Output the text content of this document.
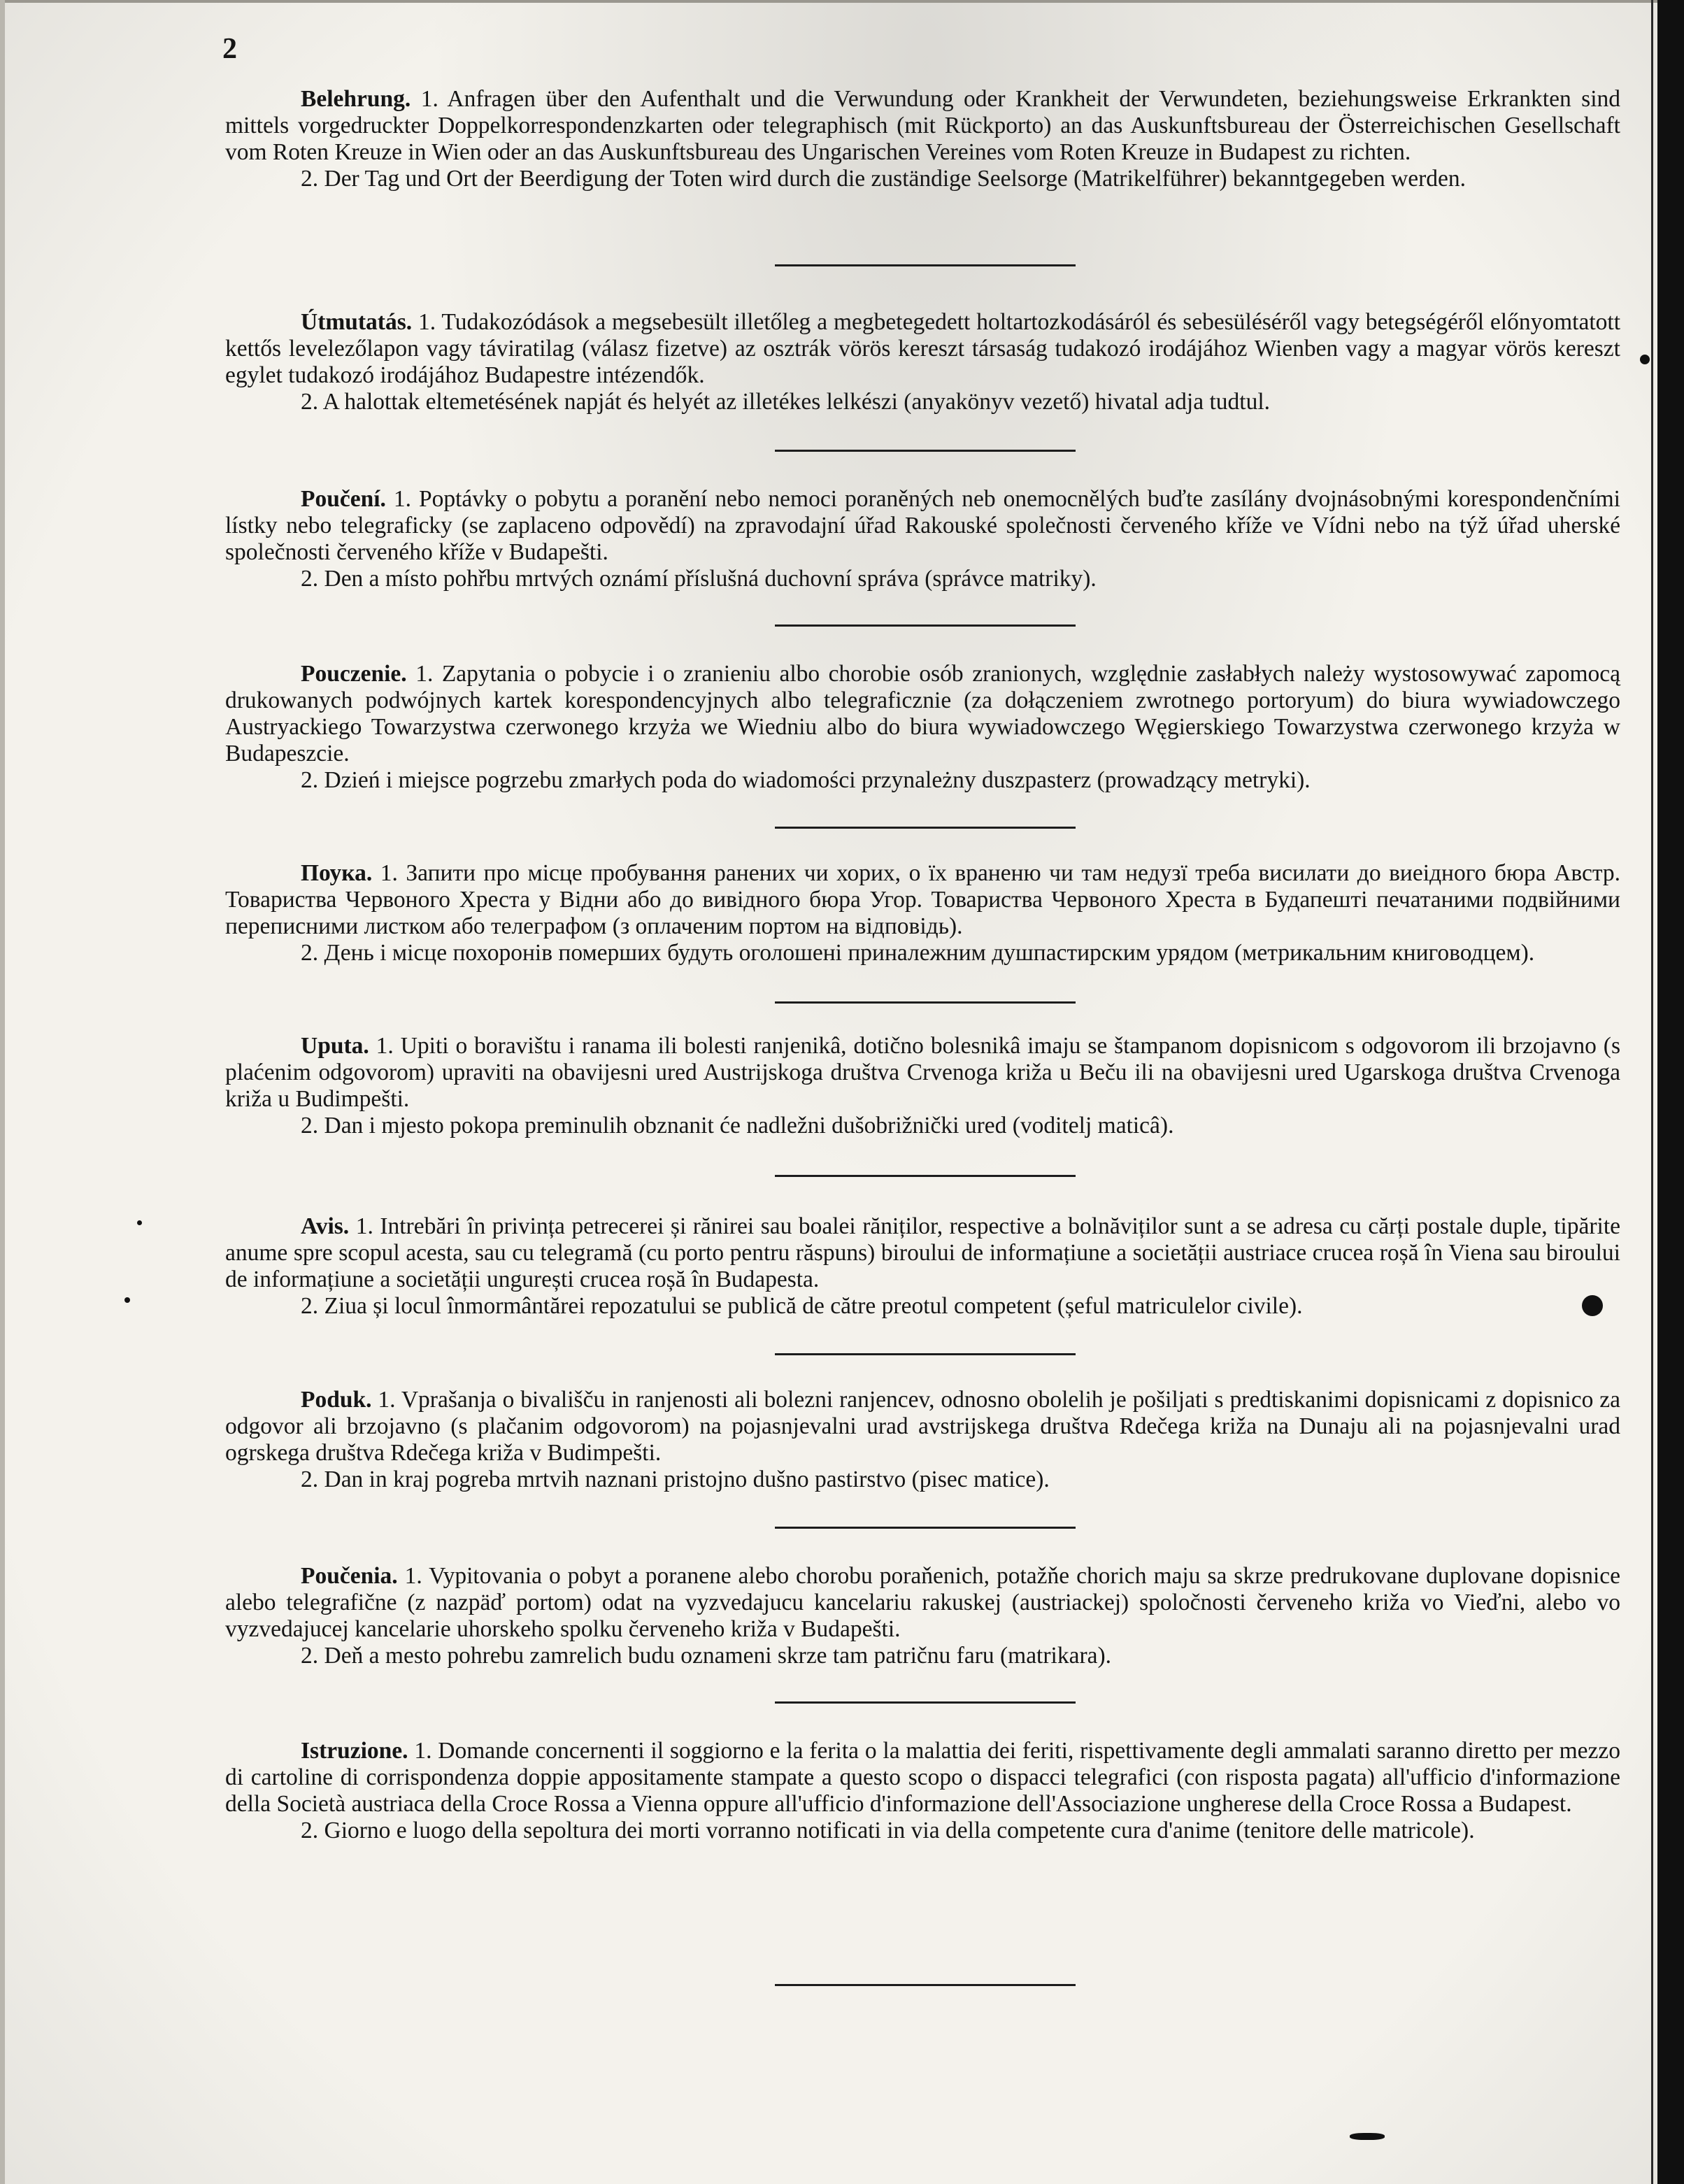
2

Belehrung. 1. Anfragen über den Aufenthalt und die Verwundung oder Krankheit der Verwundeten, beziehungsweise Erkrankten sind mittels vorgedruckter Doppelkorrespondenzkarten oder telegraphisch (mit Rückporto) an das Auskunftsbureau der Österreichischen Gesellschaft vom Roten Kreuze in Wien oder an das Auskunftsbureau des Ungarischen Vereines vom Roten Kreuze in Budapest zu richten.

2. Der Tag und Ort der Beerdigung der Toten wird durch die zuständige Seelsorge (Matrikelführer) bekanntgegeben werden.

Útmutatás. 1. Tudakozódások a megsebesült illetőleg a megbetegedett holtartozkodásáról és sebesüléséről vagy betegségéről előnyomtatott kettős levelezőlapon vagy táviratilag (válasz fizetve) az osztrák vörös kereszt társaság tudakozó irodájához Wienben vagy a magyar vörös kereszt egylet tudakozó irodájához Budapestre intézendők.

2. A halottak eltemetésének napját és helyét az illetékes lelkészi (anyakönyv vezető) hivatal adja tudtul.

Poučení. 1. Poptávky o pobytu a poranění nebo nemoci poraněných neb onemocnělých buďte zasílány dvojnásobnými korespondenčními lístky nebo telegraficky (se zaplaceno odpovědí) na zpravodajní úřad Rakouské společnosti červeného kříže ve Vídni nebo na týž úřad uherské společnosti červeného kříže v Budapešti.

2. Den a místo pohřbu mrtvých oznámí příslušná duchovní správa (správce matriky).

Pouczenie. 1. Zapytania o pobycie i o zranieniu albo chorobie osób zranionych, względnie zasłabłych należy wystosowywać zapomocą drukowanych podwójnych kartek korespondencyjnych albo telegraficznie (za dołączeniem zwrotnego portoryum) do biura wywiadowczego Austryackiego Towarzystwa czerwonego krzyża we Wiedniu albo do biura wywiadowczego Węgierskiego Towarzystwa czerwonego krzyża w Budapeszcie.

2. Dzień i miejsce pogrzebu zmarłych poda do wiadomości przynależny duszpasterz (prowadzący metryki).

Поука. 1. Запити про місце пробування ранених чи хорих, о їх враненю чи там недузї треба висилати до виeiдного бюра Австр. Товариства Червоного Хреста у Відни або до вивiдного бюра Угор. Товариства Червоного Хреста в Будапешті печатаними подвійними переписними листком або телеграфом (з оплаченим портом на відповідь).

2. День і місце похоронів померших будуть оголошені приналежним душпастирским урядом (метрикальним книговодцем).

Uputa. 1. Upiti o boravištu i ranama ili bolesti ranjenikâ, dotično bolesnikâ imaju se štampanom dopisnicom s odgovorom ili brzojavno (s plaćenim odgovorom) upraviti na obavijesni ured Austrijskoga društva Crvenoga križa u Beču ili na obavijesni ured Ugarskoga društva Crvenoga križa u Budimpešti.

2. Dan i mjesto pokopa preminulih obznanit će nadležni dušobrižnički ured (voditelj maticâ).

Avis. 1. Intrebări în privința petrecerei și rănirei sau boalei răniților, respective a bolnăviților sunt a se adresa cu cărți postale duple, tipărite anume spre scopul acesta, sau cu telegramă (cu porto pentru răspuns) biroului de informațiune a societății austriace crucea roșă în Viena sau biroului de informațiune a societății ungurești crucea roșă în Budapesta.

2. Ziua și locul înmormântărei repozatului se publică de către preotul competent (șeful matriculelor civile).

Poduk. 1. Vprašanja o bivališču in ranjenosti ali bolezni ranjencev, odnosno obolelih je pošiljati s predtiskanimi dopisnicami z dopisnico za odgovor ali brzojavno (s plačanim odgovorom) na pojasnjevalni urad avstrijskega društva Rdečega križa na Dunaju ali na pojasnjevalni urad ogrskega društva Rdečega križa v Budimpešti.

2. Dan in kraj pogreba mrtvih naznani pristojno dušno pastirstvo (pisec matice).

Poučenia. 1. Vypitovania o pobyt a poranene alebo chorobu poraňenich, potažňe chorich maju sa skrze predrukovane duplovane dopisnice alebo telegrafične (z nazpäď portom) odat na vyzvedajucu kancelariu rakuskej (austriackej) spoločnosti červeneho križa vo Vieďni, alebo vo vyzvedajucej kancelarie uhorskeho spolku červeneho križa v Budapešti.

2. Deň a mesto pohrebu zamrelich budu oznameni skrze tam patričnu faru (matrikara).

Istruzione. 1. Domande concernenti il soggiorno e la ferita o la malattia dei feriti, rispettivamente degli ammalati saranno diretto per mezzo di cartoline di corrispondenza doppie appositamente stampate a questo scopo o dispacci telegrafici (con risposta pagata) all'ufficio d'informazione della Società austriaca della Croce Rossa a Vienna oppure all'ufficio d'informazione dell'Associazione ungherese della Croce Rossa a Budapest.

2. Giorno e luogo della sepoltura dei morti vorranno notificati in via della competente cura d'anime (tenitore delle matricole).
